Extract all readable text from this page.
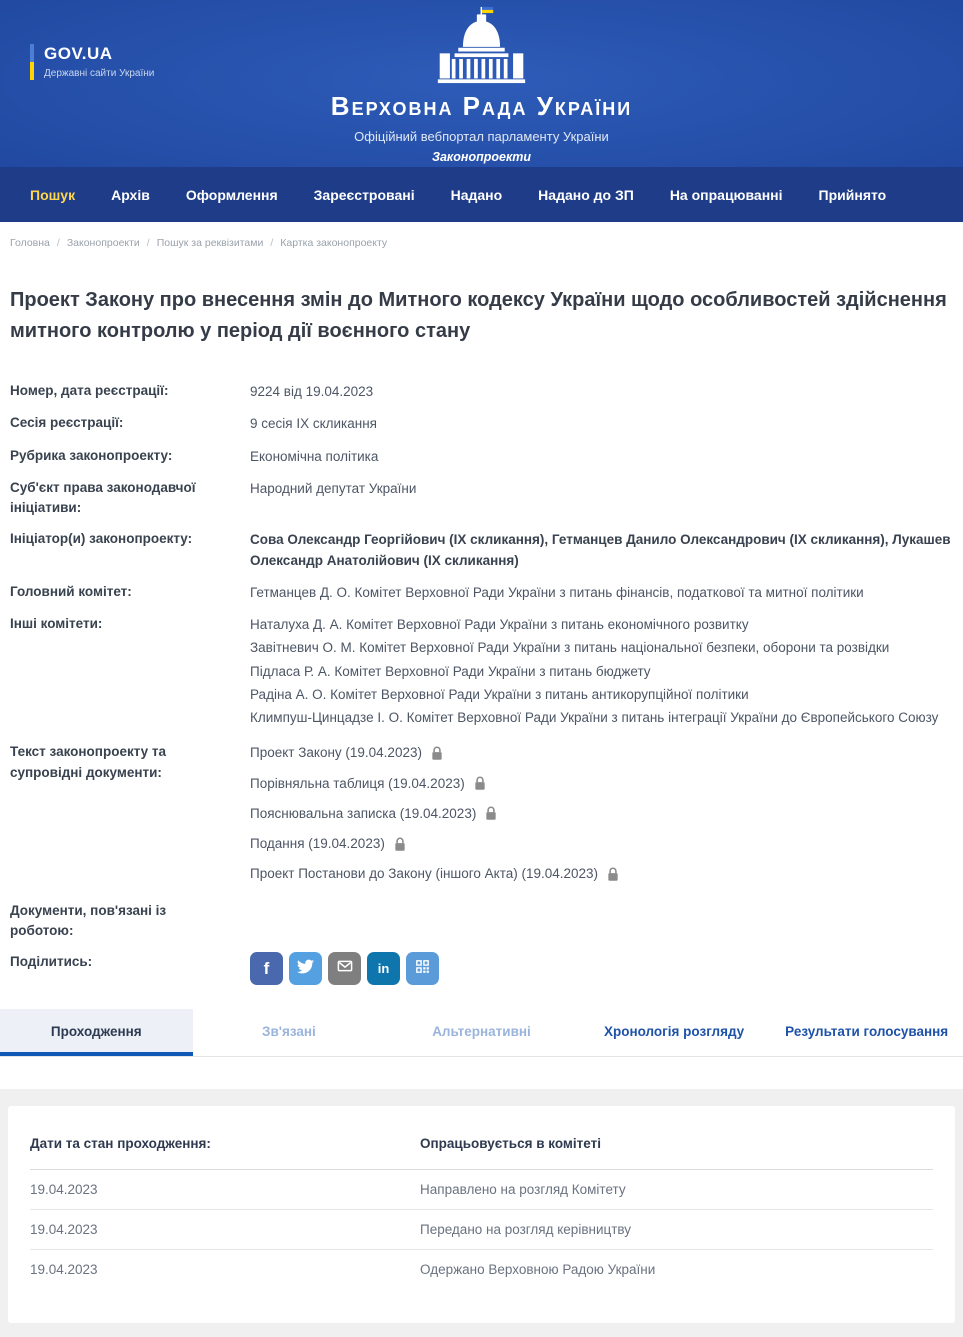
GOV.UA
Державні сайти України
Верховна Рада України
Офіційний вебпортал парламенту України
Законопроекти
Пошук	Архів	Оформлення	Зареєстровані	Надано	Надано до ЗП	На опрацюванні	Прийнято
Головна	/ Законопроекти	/ Пошук за реквізитами	/ Картка законопроекту
Проект Закону про внесення змін до Митного кодексу України щодо особливостей здійснення митного контролю у період дії воєнного стану
Номер, дата реєстрації:	9224 від 19.04.2023
Сесія реєстрації:	9 сесія IX скликання
Рубрика законопроекту:	Економічна політика
Суб'єкт права законодавчої ініціативи:
Народний депутат України
Ініціатор(и) законопроекту:	Сова Олександр Георгійович (IX скликання), Гетманцев Данило Олександрович (IX скликання), Лукашев Олександр Анатолійович (IX скликання)
Головний комітет:	Гетманцев Д. О. Комітет Верховної Ради України з питань фінансів, податкової та митної політики
Інші комітети:	Наталуха Д. А. Комітет Верховної Ради України з питань економічного розвитку
Завітневич О. М. Комітет Верховної Ради України з питань національної безпеки, оборони та розвідки
Підласа Р. А. Комітет Верховної Ради України з питань бюджету
Радіна А. О. Комітет Верховної Ради України з питань антикорупційної політики
Климпуш-Цинцадзе І. О. Комітет Верховної Ради України з питань інтеграції України до Європейського Союзу
Текст законопроекту та супровідні документи:
Проект Закону (19.04.2023)
Порівняльна таблиця (19.04.2023)
Пояснювальна записка (19.04.2023)
Подання (19.04.2023)
Проект Постанови до Закону (іншого Акта) (19.04.2023)
Документи, пов'язані із роботою:
Поділитись:	f	in
Проходження	Зв'язані	Альтернативні	Хронологія розгляду	Результати голосування
Дати та стан проходження:	Опрацьовується в комітеті
19.04.2023	Направлено на розгляд Комітету
19.04.2023	Передано на розгляд керівництву
19.04.2023	Одержано Верховною Радою України
